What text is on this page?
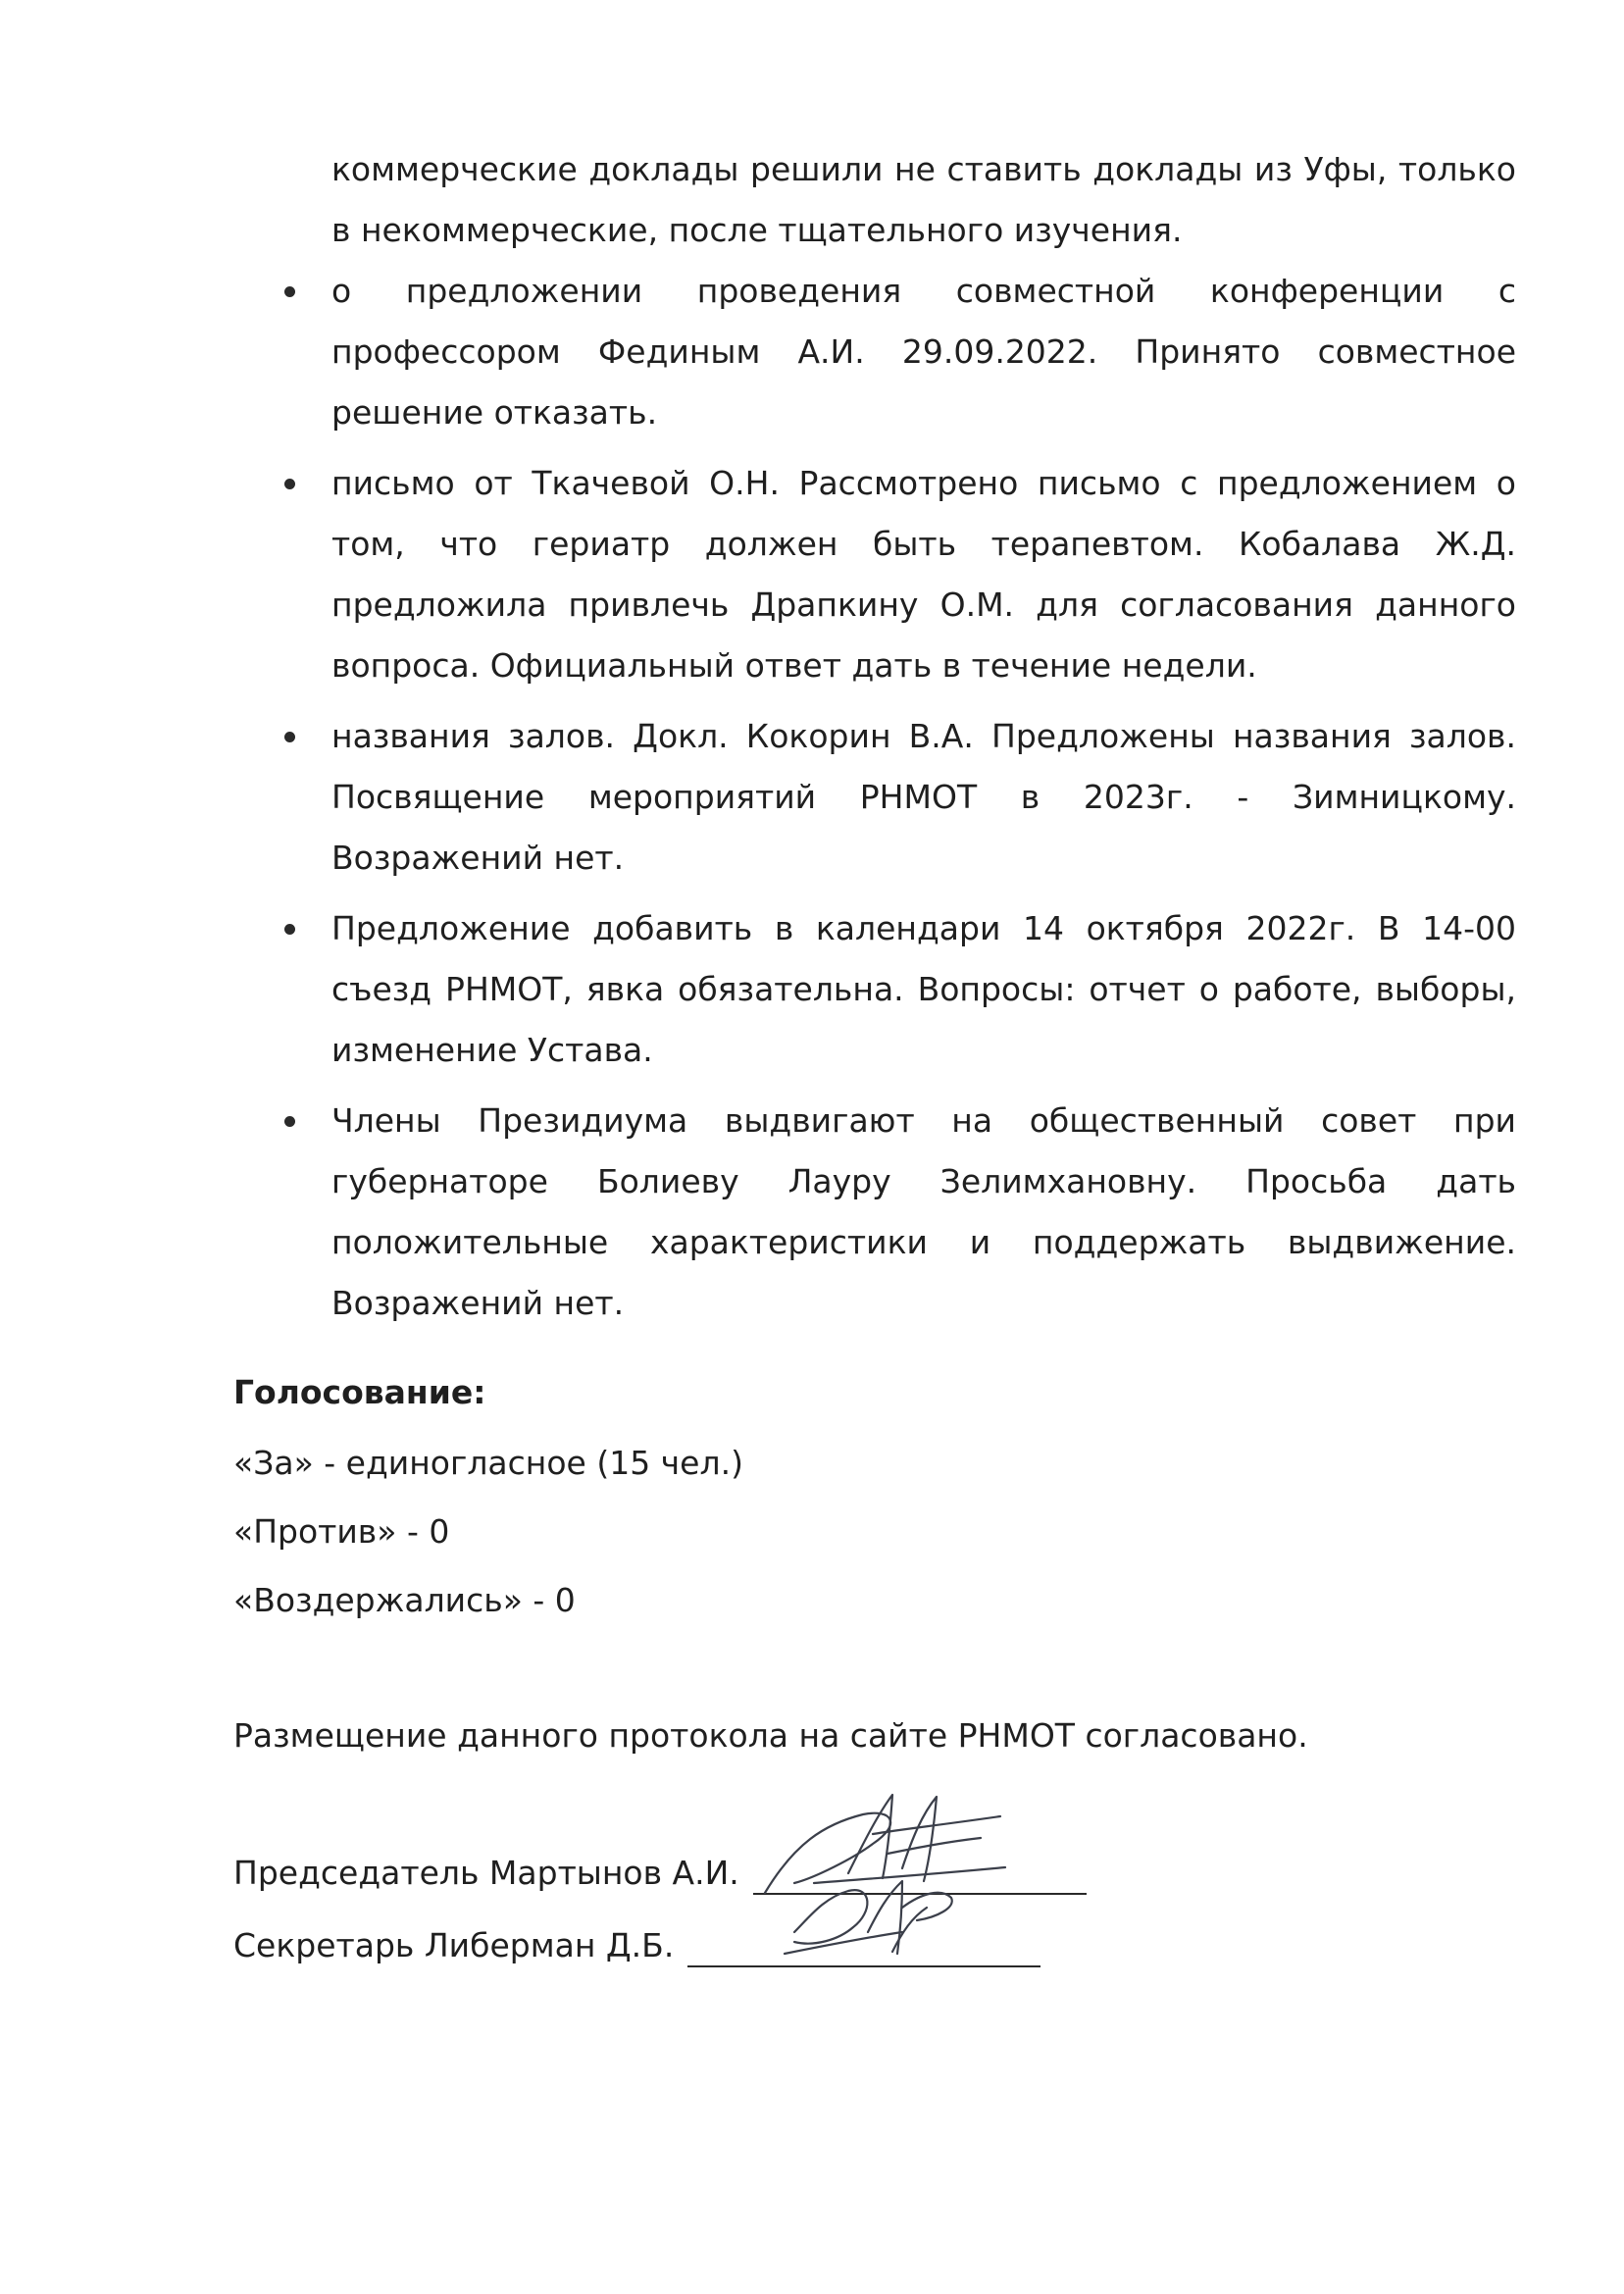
коммерческие доклады решили не ставить доклады из Уфы, только в некоммерческие, после тщательного изучения.

о предложении проведения совместной конференции с профессором Фединым А.И. 29.09.2022. Принято совместное решение отказать.
письмо от Ткачевой О.Н. Рассмотрено письмо с предложением о том, что гериатр должен быть терапевтом. Кобалава Ж.Д. предложила привлечь Драпкину О.М. для согласования данного вопроса. Официальный ответ дать в течение недели.
названия залов. Докл. Кокорин В.А. Предложены названия залов. Посвящение мероприятий РНМОТ в 2023г. - Зимницкому. Возражений нет.
Предложение добавить в календари 14 октября 2022г. В 14-00 съезд РНМОТ, явка обязательна. Вопросы: отчет о работе, выборы, изменение Устава.
Члены Президиума выдвигают на общественный совет при губернаторе Болиеву Лауру Зелимхановну. Просьба дать положительные характеристики и поддержать выдвижение. Возражений нет.

Голосование:

«За» - единогласное (15 чел.)

«Против» - 0

«Воздержались» - 0

Размещение данного протокола на сайте РНМОТ согласовано.

Председатель Мартынов А.И.
Секретарь Либерман Д.Б.
